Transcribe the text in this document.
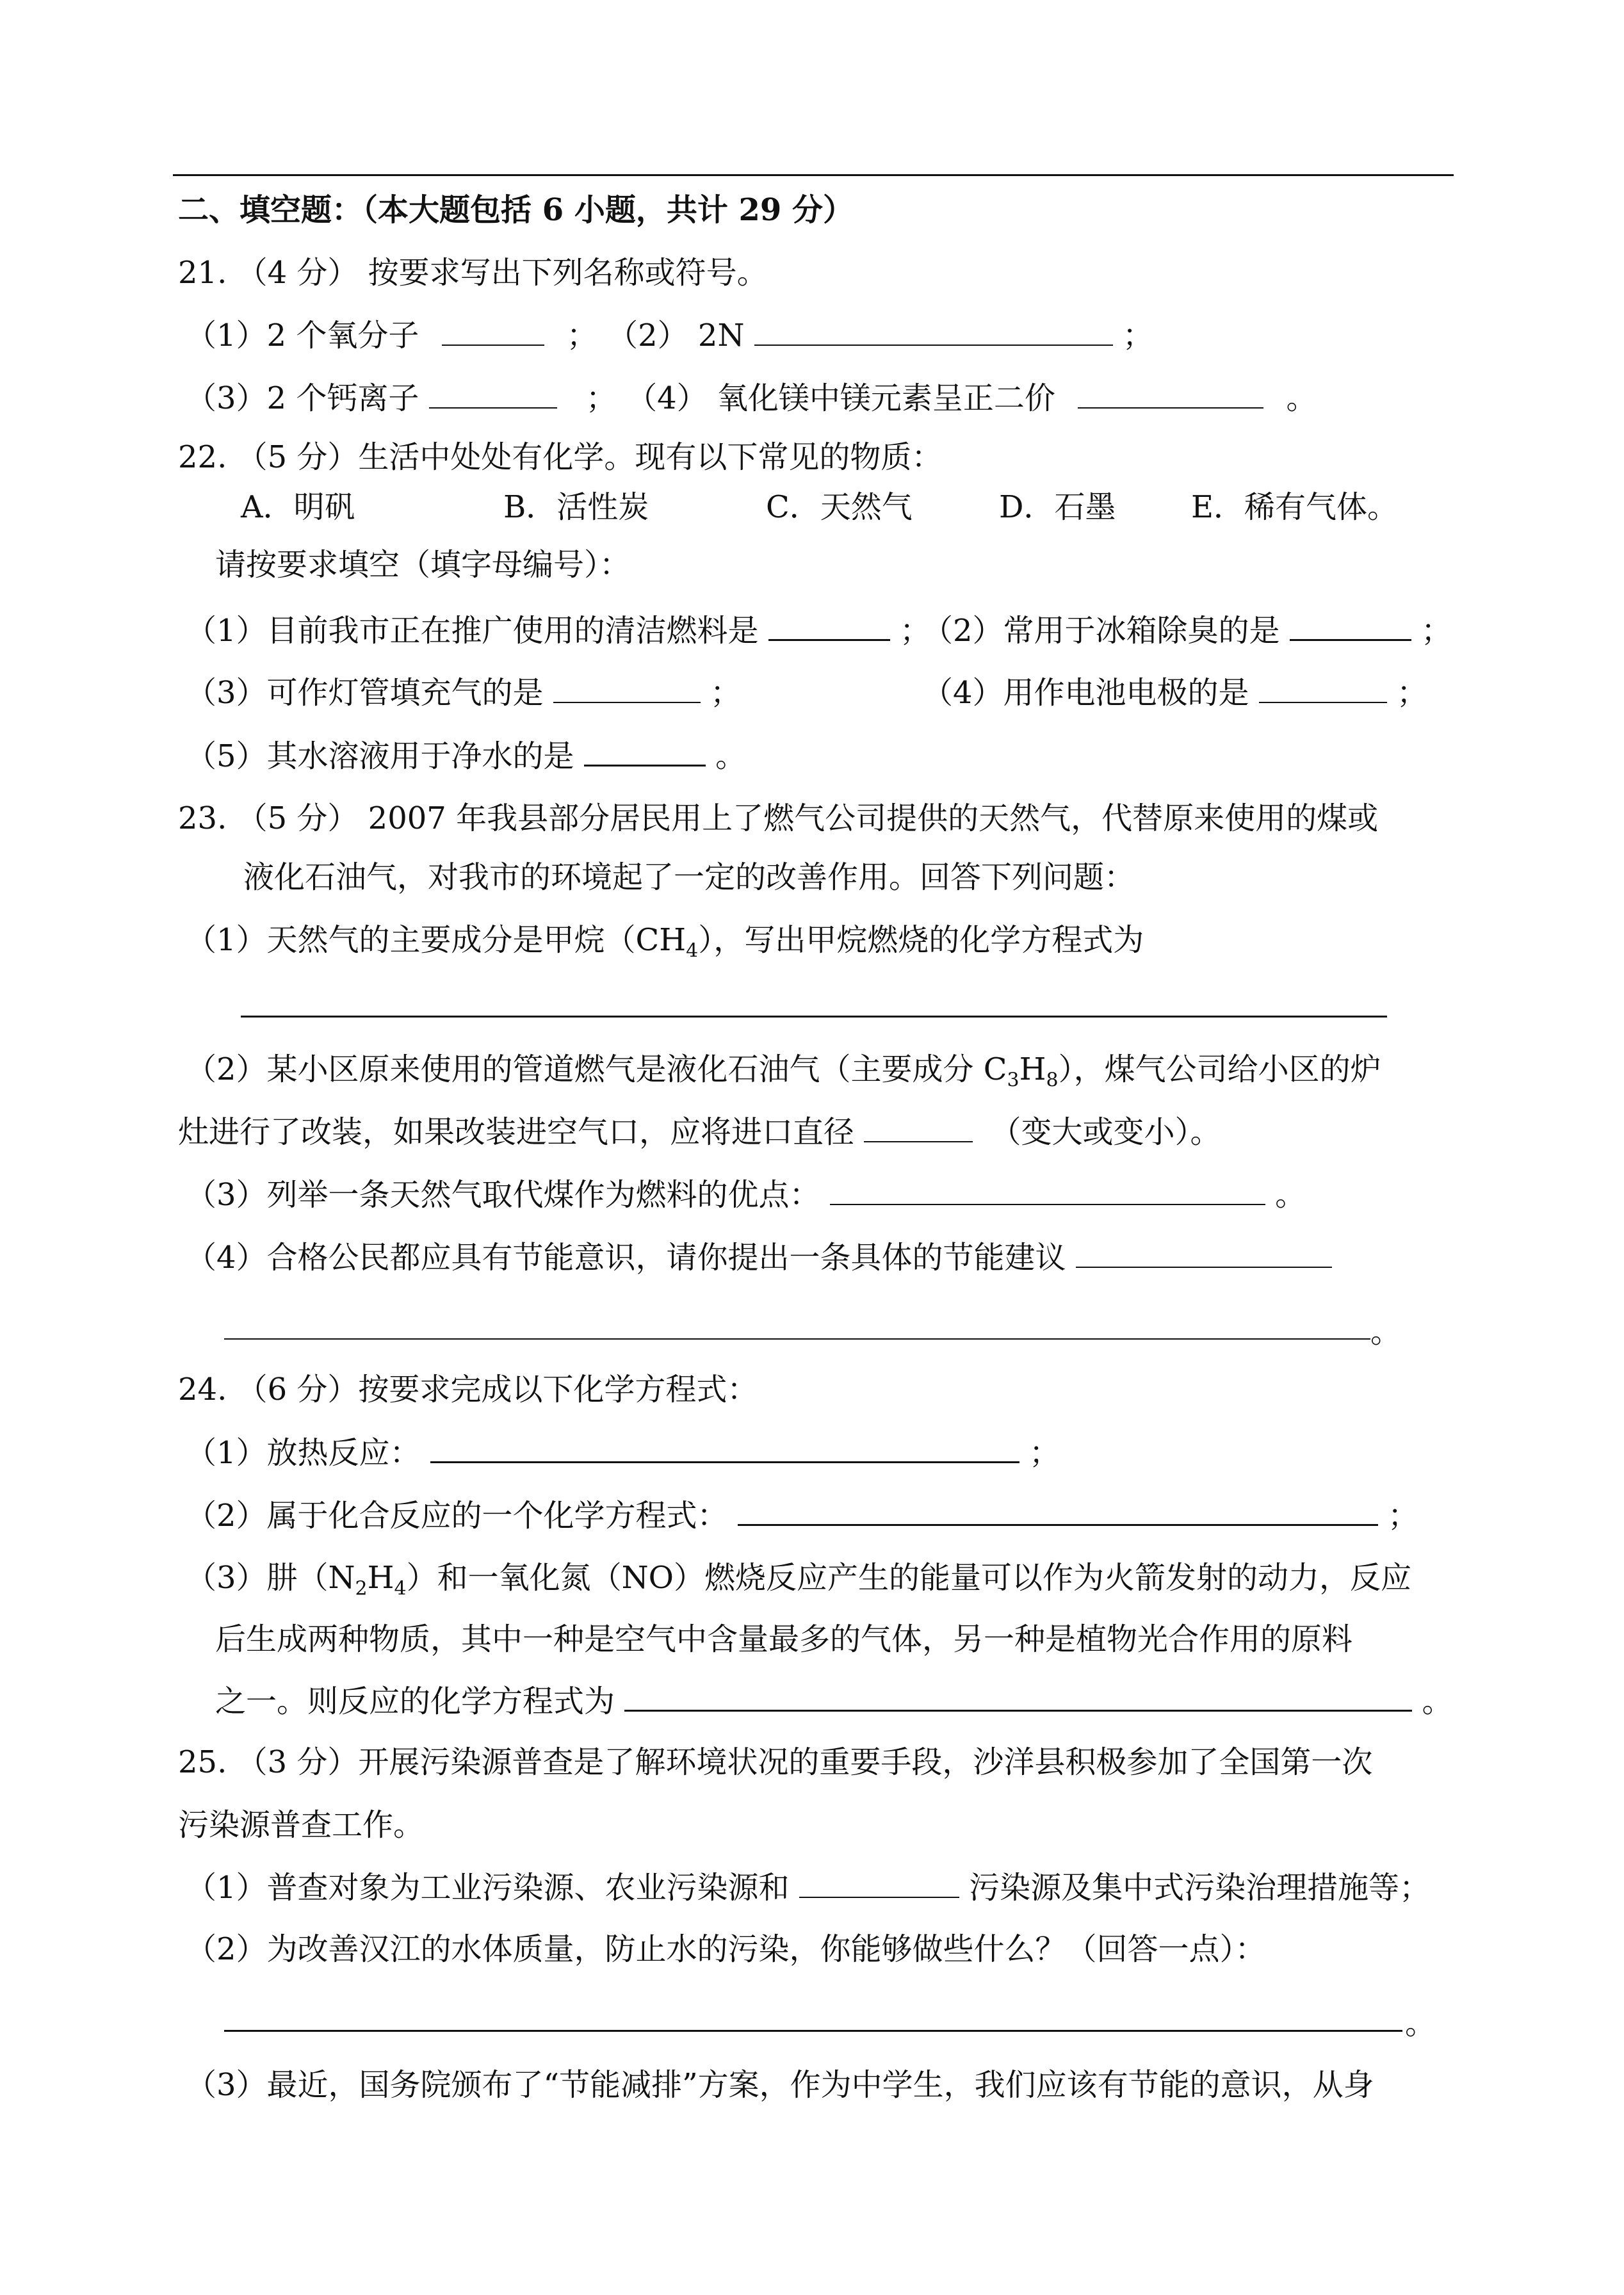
二、填空题：（本大题包括 6 小题，共计 29 分）
21. （4 分） 按要求写出下列名称或符号。
（1）2 个氧分子	； （2） 2N	；
（3）2 个钙离子	； （4） 氧化镁中镁元素呈正二价	。
22. （5 分）生活中处处有化学。现有以下常见的物质：
A．明矾	B．活性炭	C．天然气	D．石墨 E．稀有气体。
请按要求填空（填字母编号）：
（1）目前我市正在推广使用的清洁燃料是	；
（2）常用于冰箱除臭的是	；
（3）可作灯管填充气的是	；	（4）用作电池电极的是	；
（5）其水溶液用于净水的是	。
23. （5 分） 2007 年我县部分居民用上了燃气公司提供的天然气，代替原来使用的煤或
液化石油气，对我市的环境起了一定的改善作用。回答下列问题：
（1）天然气的主要成分是甲烷$(CH_4)$，写出甲烷燃烧的化学方程式为
（2）某小区原来使用的管道燃气是液化石油气（主要成分 $C_3H_8$），煤气公司给小区的炉
灶进行了改装，如果改装进空气口，应将进口直径	（变大或变小）。
（3）列举一条天然气取代煤作为燃料的优点：	。
（4）合格公民都应具有节能意识，请你提出一条具体的节能建议
。
24. （6 分）按要求完成以下化学方程式：
（1）放热反应：	；
（2）属于化合反应的一个化学方程式：	；
（3）肼$(N_2H_4)$和一氧化氮（NO）燃烧反应产生的能量可以作为火箭发射的动力，反应
后生成两种物质，其中一种是空气中含量最多的气体，另一种是植物光合作用的原料
之一。则反应的化学方程式为	。
25. （3 分）开展污染源普查是了解环境状况的重要手段，沙洋县积极参加了全国第一次
污染源普查工作。
（1）普查对象为工业污染源、农业污染源和	污染源及集中式污染治理措施等；
（2）为改善汉江的水体质量，防止水的污染，你能够做些什么？（回答一点）：
。
（3）最近，国务院颁布了“节能减排”方案，作为中学生，我们应该有节能的意识，从身
